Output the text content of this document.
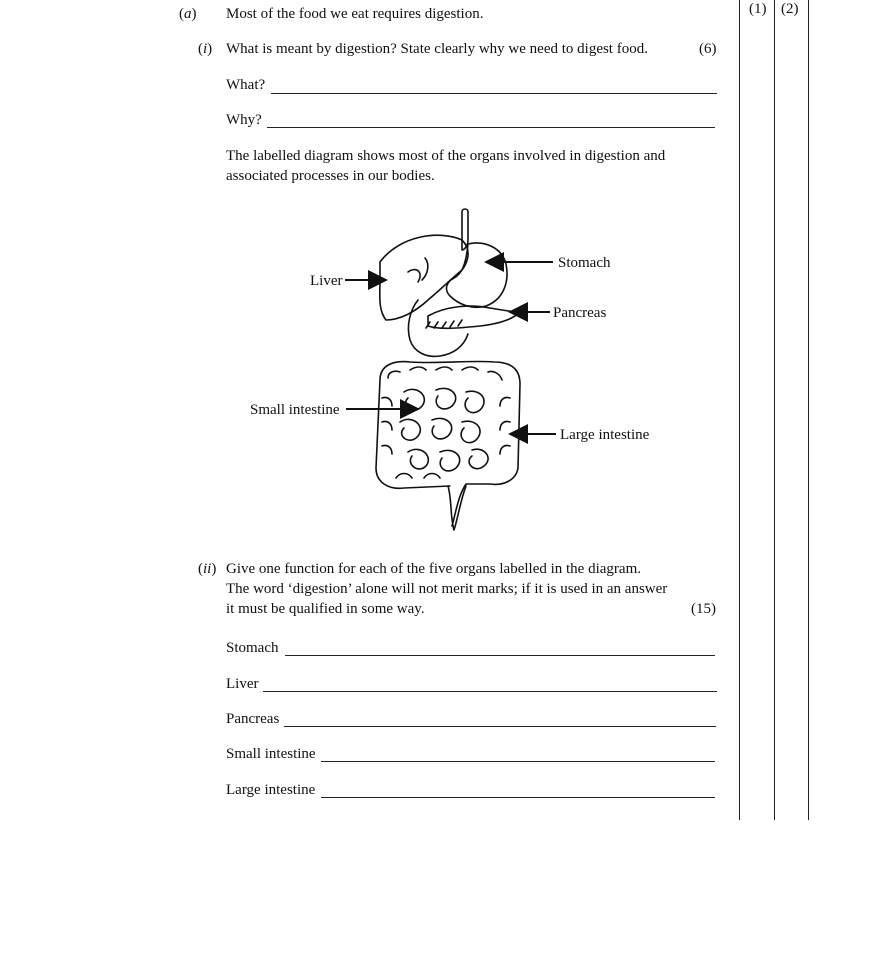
(1) (2)
(a) Most of the food we eat requires digestion.
(i) What is meant by digestion? State clearly why we need to digest food.	(6)
What?
Why?
The labelled diagram shows most of the organs involved in digestion and
associated processes in our bodies.
Liver
Stomach
Pancreas
Small intestine
Large intestine
(ii) Give one function for each of the five organs labelled in the diagram.
The word ‘digestion’ alone will not merit marks; if it is used in an answer
it must be qualified in some way.	(15)
Stomach
Liver
Pancreas
Small intestine
Large intestine
